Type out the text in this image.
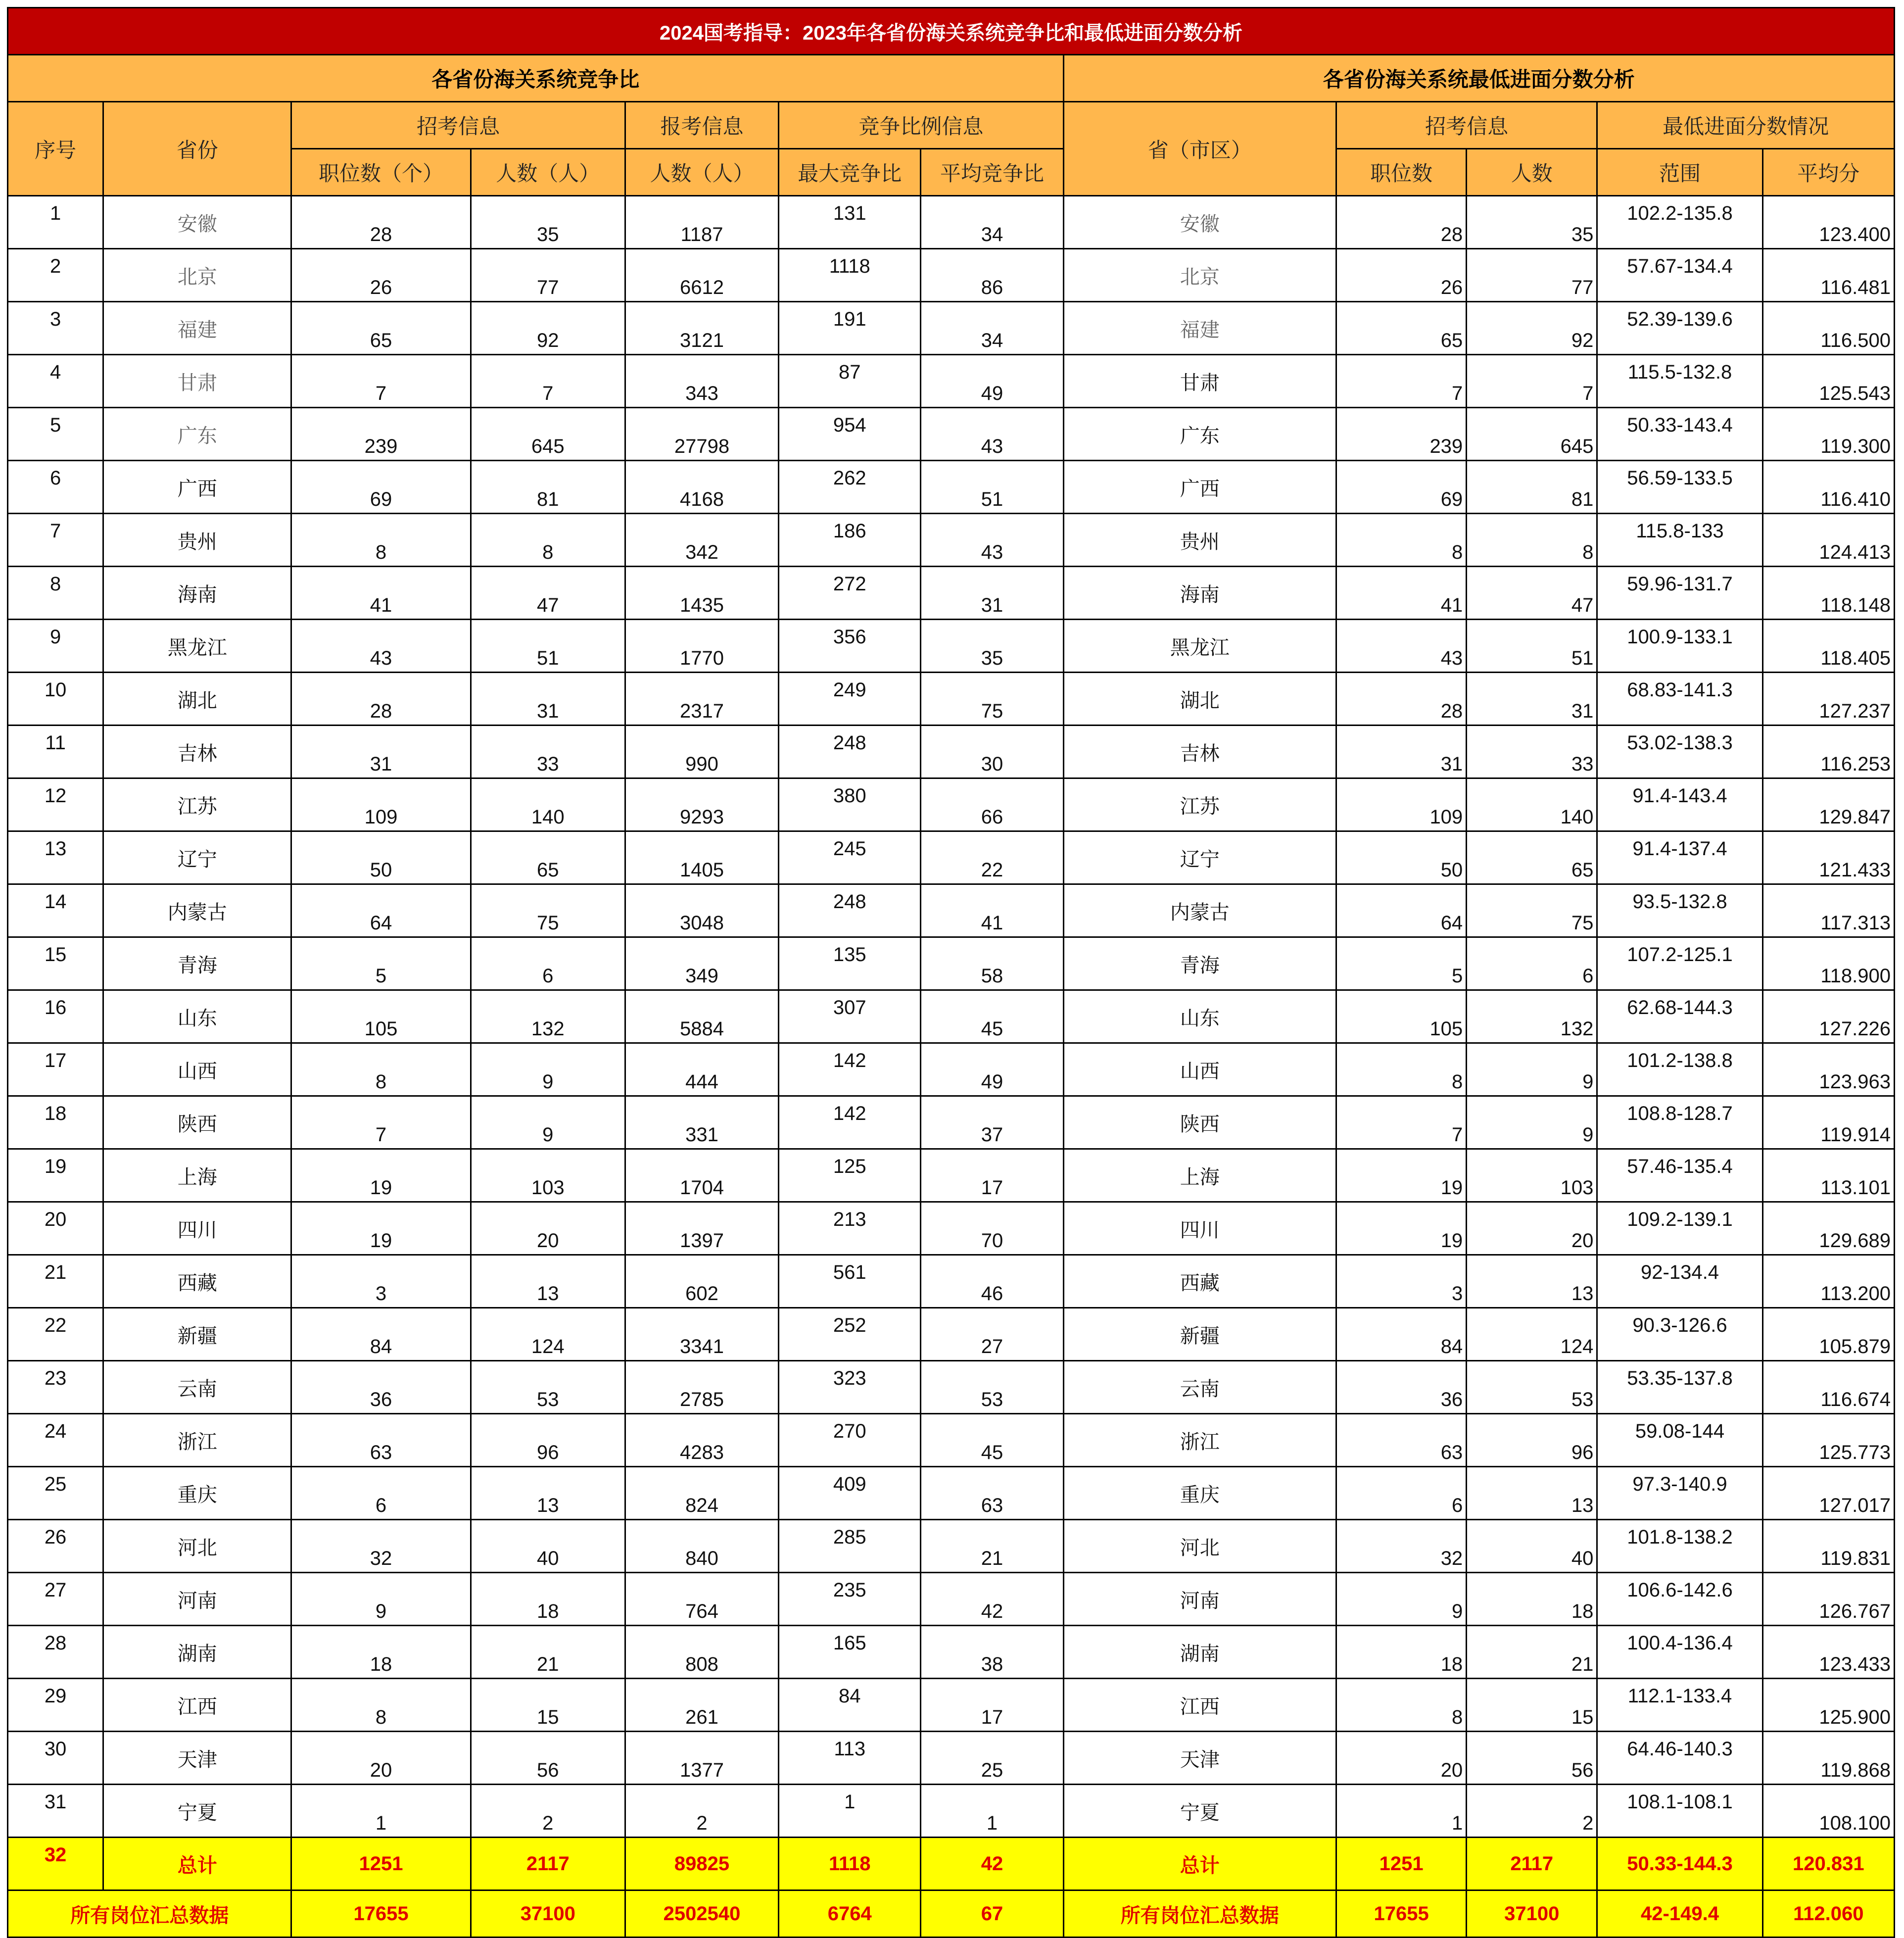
2024国考指导：2023年各省份海关系统竞争比和最低进面分数分析											
各省份海关系统竞争比							各省份海关系统最低进面分数分析				
序号	省份	招考信息		报考信息	竞争比例信息		省（市区）	招考信息		最低进面分数情况	
		职位数（个）	人数（人）	人数（人）	最大竞争比	平均竞争比		职位数	人数	范围	平均分
1	安徽	28	35	1187	131	34	安徽	28	35	102.2-135.8	123.400
2	北京	26	77	6612	1118	86	北京	26	77	57.67-134.4	116.481
3	福建	65	92	3121	191	34	福建	65	92	52.39-139.6	116.500
4	甘肃	7	7	343	87	49	甘肃	7	7	115.5-132.8	125.543
5	广东	239	645	27798	954	43	广东	239	645	50.33-143.4	119.300
6	广西	69	81	4168	262	51	广西	69	81	56.59-133.5	116.410
7	贵州	8	8	342	186	43	贵州	8	8	115.8-133	124.413
8	海南	41	47	1435	272	31	海南	41	47	59.96-131.7	118.148
9	黑龙江	43	51	1770	356	35	黑龙江	43	51	100.9-133.1	118.405
10	湖北	28	31	2317	249	75	湖北	28	31	68.83-141.3	127.237
11	吉林	31	33	990	248	30	吉林	31	33	53.02-138.3	116.253
12	江苏	109	140	9293	380	66	江苏	109	140	91.4-143.4	129.847
13	辽宁	50	65	1405	245	22	辽宁	50	65	91.4-137.4	121.433
14	内蒙古	64	75	3048	248	41	内蒙古	64	75	93.5-132.8	117.313
15	青海	5	6	349	135	58	青海	5	6	107.2-125.1	118.900
16	山东	105	132	5884	307	45	山东	105	132	62.68-144.3	127.226
17	山西	8	9	444	142	49	山西	8	9	101.2-138.8	123.963
18	陕西	7	9	331	142	37	陕西	7	9	108.8-128.7	119.914
19	上海	19	103	1704	125	17	上海	19	103	57.46-135.4	113.101
20	四川	19	20	1397	213	70	四川	19	20	109.2-139.1	129.689
21	西藏	3	13	602	561	46	西藏	3	13	92-134.4	113.200
22	新疆	84	124	3341	252	27	新疆	84	124	90.3-126.6	105.879
23	云南	36	53	2785	323	53	云南	36	53	53.35-137.8	116.674
24	浙江	63	96	4283	270	45	浙江	63	96	59.08-144	125.773
25	重庆	6	13	824	409	63	重庆	6	13	97.3-140.9	127.017
26	河北	32	40	840	285	21	河北	32	40	101.8-138.2	119.831
27	河南	9	18	764	235	42	河南	9	18	106.6-142.6	126.767
28	湖南	18	21	808	165	38	湖南	18	21	100.4-136.4	123.433
29	江西	8	15	261	84	17	江西	8	15	112.1-133.4	125.900
30	天津	20	56	1377	113	25	天津	20	56	64.46-140.3	119.868
31	宁夏	1	2	2	1	1	宁夏	1	2	108.1-108.1	108.100
32	总计	1251	2117	89825	1118	42	总计	1251	2117	50.33-144.3	120.831
所有岗位汇总数据		17655	37100	2502540	6764	67	所有岗位汇总数据	17655	37100	42-149.4	112.060
